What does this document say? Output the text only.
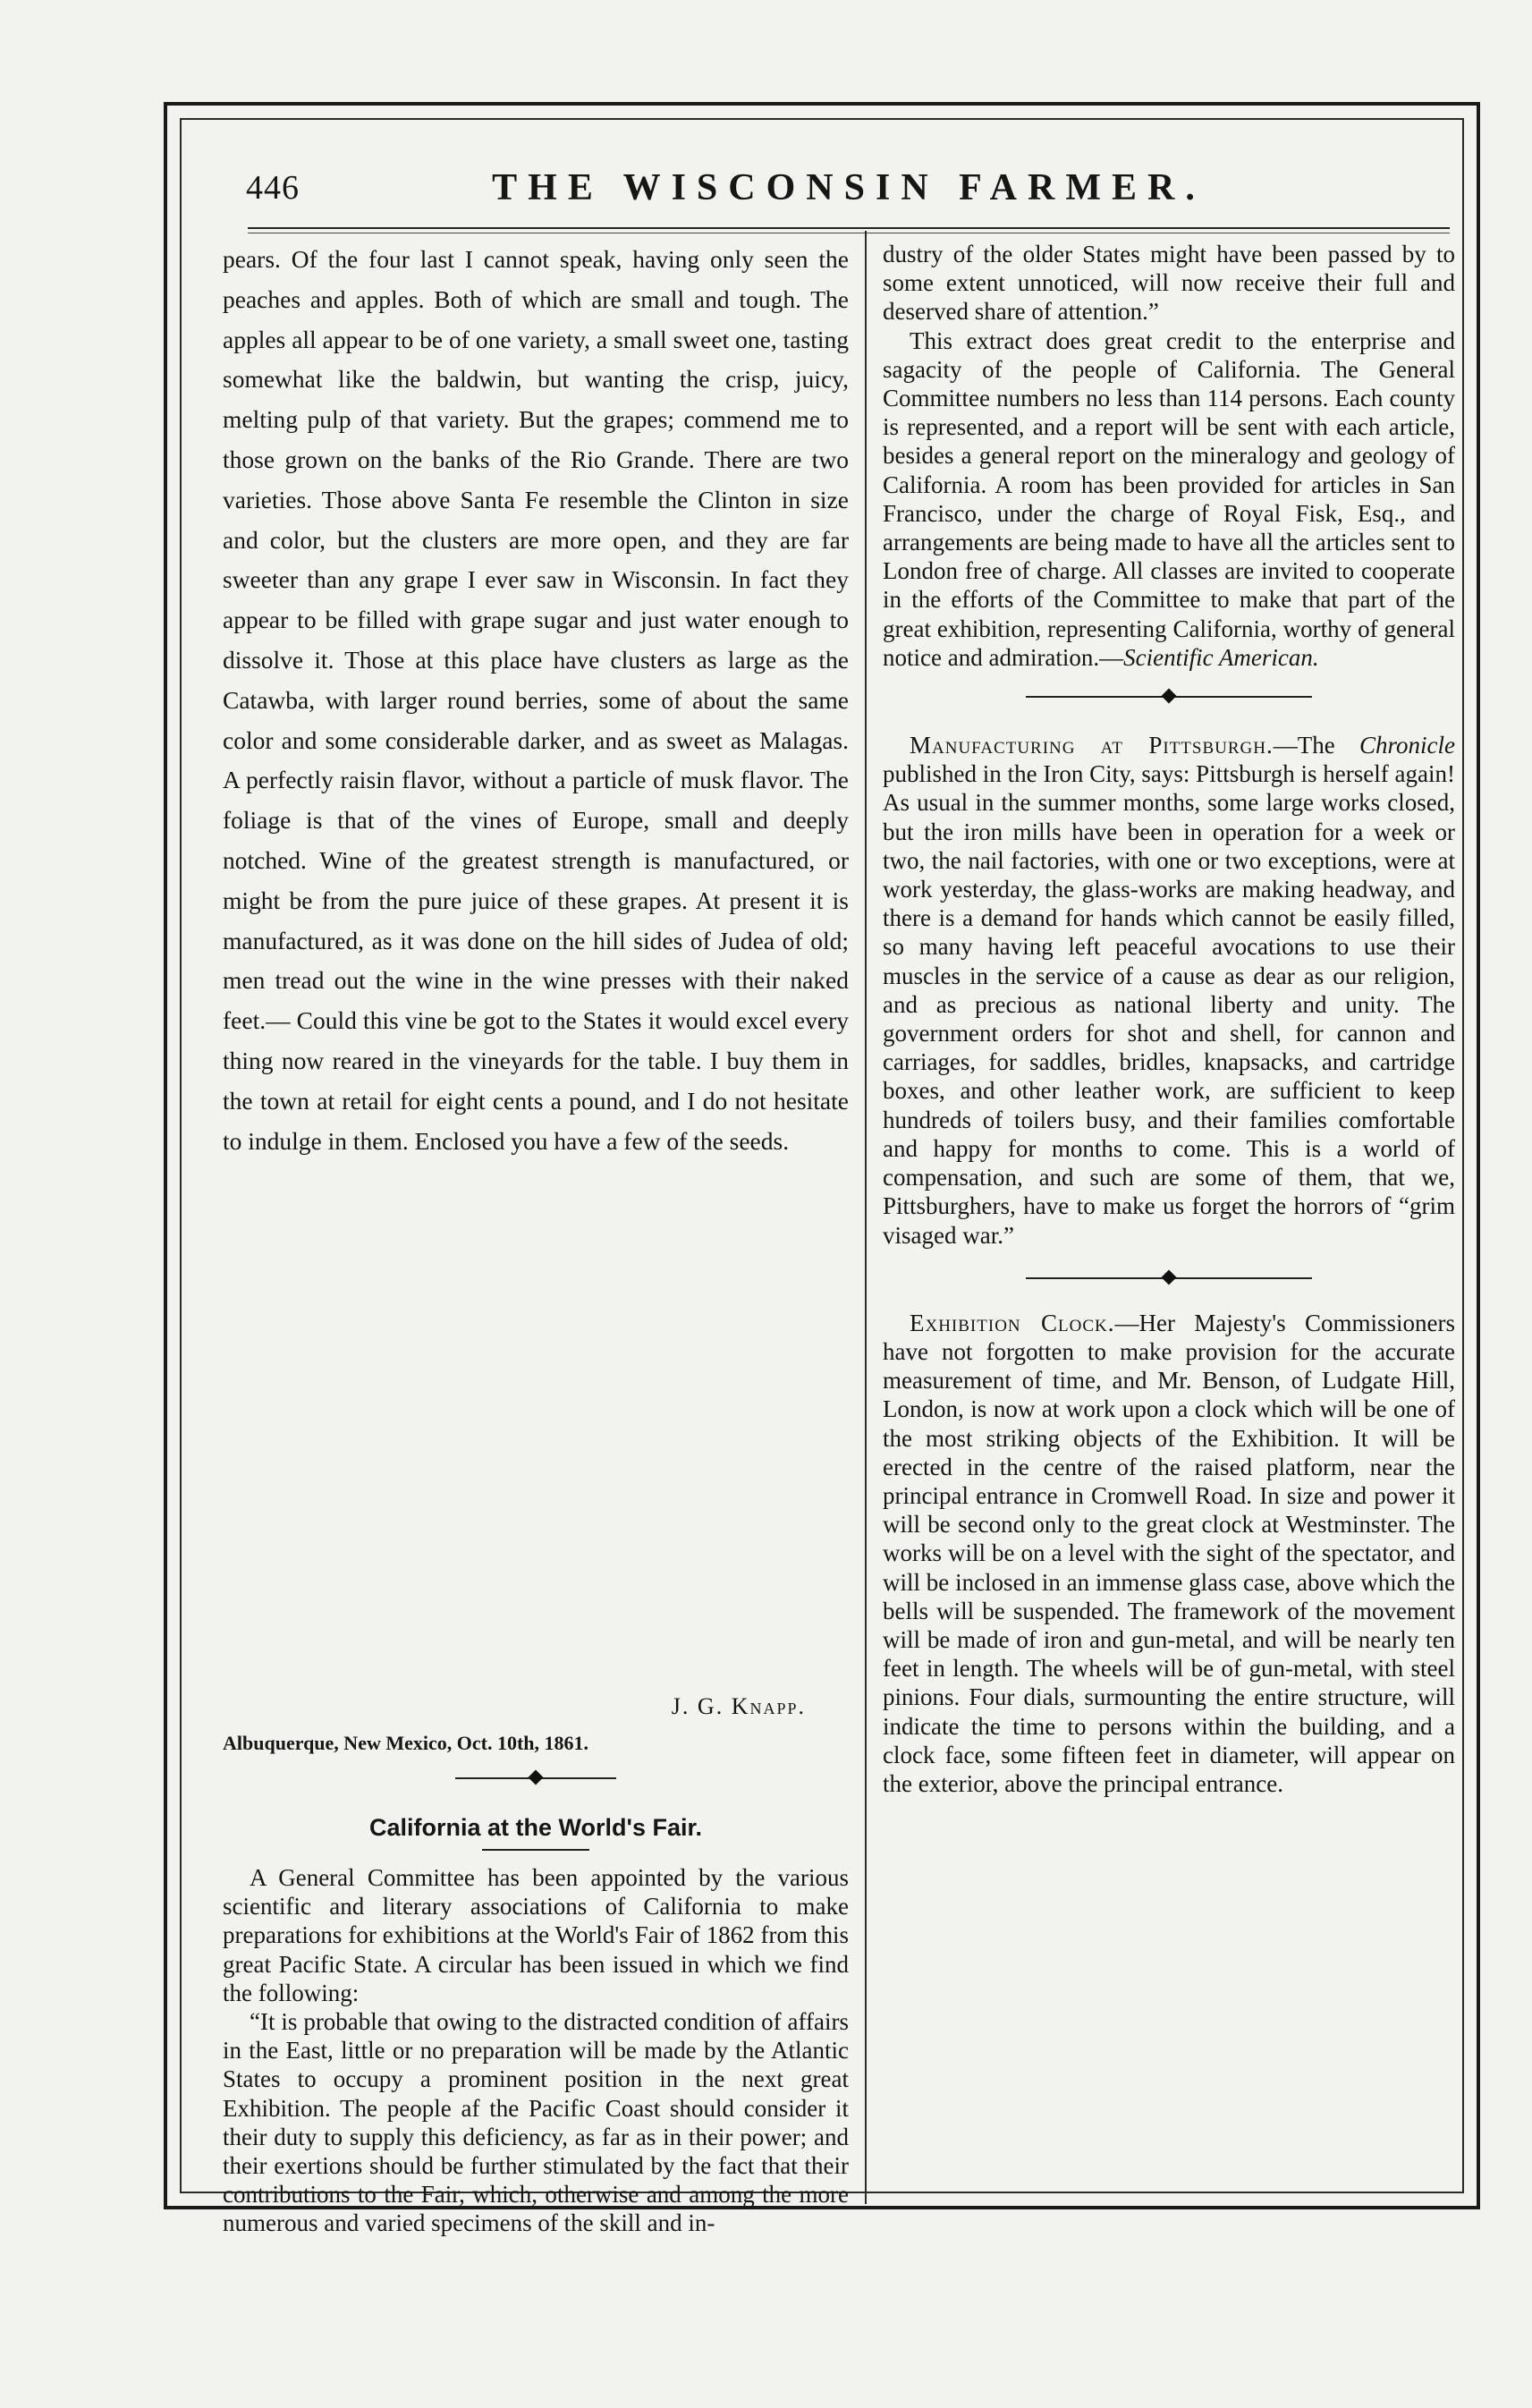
446	THE WISCONSIN FARMER.

pears. Of the four last I cannot speak, having only seen the peaches and apples. Both of which are small and tough. The apples all appear to be of one variety, a small sweet one, tasting somewhat like the baldwin, but wanting the crisp, juicy, melting pulp of that variety. But the grapes; commend me to those grown on the banks of the Rio Grande. There are two varieties. Those above Santa Fe resemble the Clinton in size and color, but the clusters are more open, and they are far sweeter than any grape I ever saw in Wisconsin. In fact they appear to be filled with grape sugar and just water enough to dissolve it. Those at this place have clusters as large as the Catawba, with larger round berries, some of about the same color and some considerable darker, and as sweet as Malagas. A perfectly raisin flavor, without a particle of musk flavor. The foliage is that of the vines of Europe, small and deeply notched. Wine of the greatest strength is manufactured, or might be from the pure juice of these grapes. At present it is manufactured, as it was done on the hill sides of Judea of old; men tread out the wine in the wine presses with their naked feet.— Could this vine be got to the States it would excel every thing now reared in the vineyards for the table. I buy them in the town at retail for eight cents a pound, and I do not hesitate to indulge in them. Enclosed you have a few of the seeds.

J. G. Knapp.
Albuquerque, New Mexico, Oct. 10th, 1861.

California at the World's Fair.

A General Committee has been appointed by the various scientific and literary associations of California to make preparations for exhibitions at the World's Fair of 1862 from this great Pacific State. A circular has been issued in which we find the following:

“It is probable that owing to the distracted condition of affairs in the East, little or no preparation will be made by the Atlantic States to occupy a prominent position in the next great Exhibition. The people af the Pacific Coast should consider it their duty to supply this deficiency, as far as in their power; and their exertions should be further stimulated by the fact that their contributions to the Fair, which, otherwise and among the more numerous and varied specimens of the skill and in-

dustry of the older States might have been passed by to some extent unnoticed, will now receive their full and deserved share of attention.”

This extract does great credit to the enterprise and sagacity of the people of California. The General Committee numbers no less than 114 persons. Each county is represented, and a report will be sent with each article, besides a general report on the mineralogy and geology of California. A room has been provided for articles in San Francisco, under the charge of Royal Fisk, Esq., and arrangements are being made to have all the articles sent to London free of charge. All classes are invited to cooperate in the efforts of the Committee to make that part of the great exhibition, representing California, worthy of general notice and admiration.—Scientific American.

Manufacturing at Pittsburgh.—The Chronicle published in the Iron City, says: Pittsburgh is herself again! As usual in the summer months, some large works closed, but the iron mills have been in operation for a week or two, the nail factories, with one or two exceptions, were at work yesterday, the glass-works are making headway, and there is a demand for hands which cannot be easily filled, so many having left peaceful avocations to use their muscles in the service of a cause as dear as our religion, and as precious as national liberty and unity. The government orders for shot and shell, for cannon and carriages, for saddles, bridles, knapsacks, and cartridge boxes, and other leather work, are sufficient to keep hundreds of toilers busy, and their families comfortable and happy for months to come. This is a world of compensation, and such are some of them, that we, Pittsburghers, have to make us forget the horrors of “grim visaged war.”

Exhibition Clock.—Her Majesty's Commissioners have not forgotten to make provision for the accurate measurement of time, and Mr. Benson, of Ludgate Hill, London, is now at work upon a clock which will be one of the most striking objects of the Exhibition. It will be erected in the centre of the raised platform, near the principal entrance in Cromwell Road. In size and power it will be second only to the great clock at Westminster. The works will be on a level with the sight of the spectator, and will be inclosed in an immense glass case, above which the bells will be suspended. The framework of the movement will be made of iron and gun-metal, and will be nearly ten feet in length. The wheels will be of gun-metal, with steel pinions. Four dials, surmounting the entire structure, will indicate the time to persons within the building, and a clock face, some fifteen feet in diameter, will appear on the exterior, above the principal entrance.
